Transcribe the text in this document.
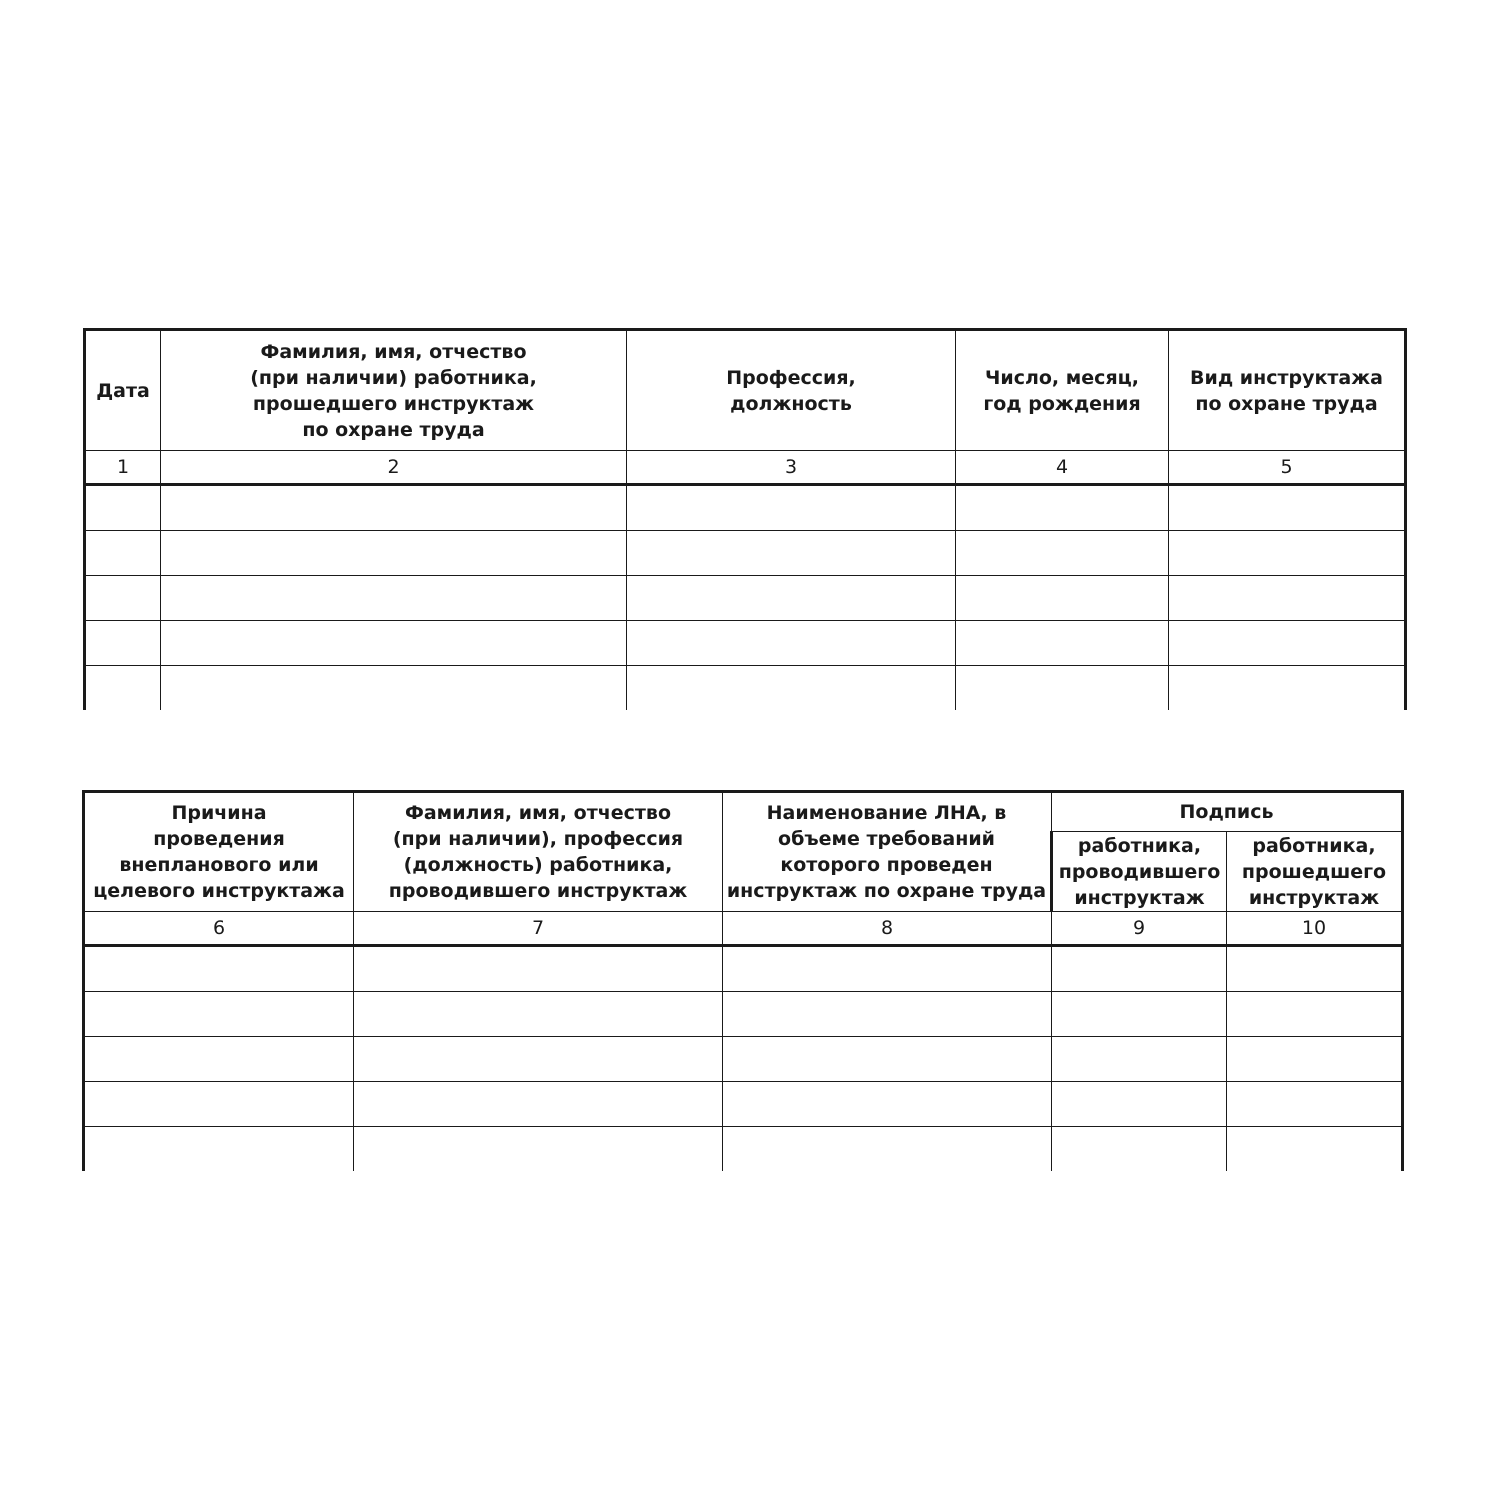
Дата	Фамилия, имя, отчество
(при наличии) работника,
прошедшего инструктаж
по охране труда	Профессия,
должность	Число, месяц,
год рождения	Вид инструктажа
по охране труда

1	2	3	4	5

Причина
проведения
внепланового или
целевого инструктажа	Фамилия, имя, отчество
(при наличии), профессия
(должность) работника,
проводившего инструктаж	Наименование ЛНА, в
объеме требований
которого проведен
инструктаж по охране труда	Подпись	

			работника,
проводившего
инструктаж	работника,
прошедшего
инструктаж

6	7	8	9	10
